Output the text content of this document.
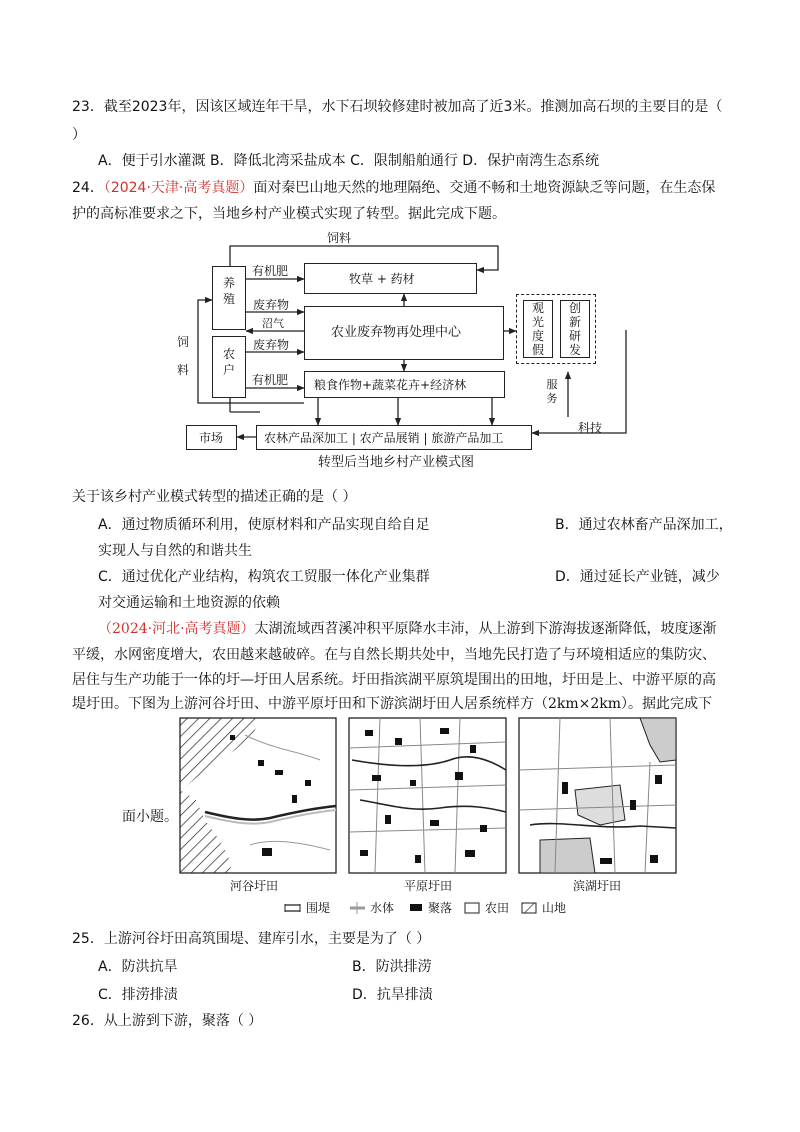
23．截至2023年，因该区域连年干旱，水下石坝较修建时被加高了近3米。推测加高石坝的主要目的是（
）
A．便于引水灌溉 B．降低北湾采盐成本 C．限制船舶通行 D．保护南湾生态系统
24．（2024·天津·高考真题）面对秦巴山地天然的地理隔绝、交通不畅和土地资源缺乏等问题，在生态保
护的高标准要求之下，当地乡村产业模式实现了转型。据此完成下题。
养殖
农户
牧草 + 药材
农业废弃物再处理中心
粮食作物+蔬菜花卉+经济林
观光度假
创新研发
农林产品深加工 | 农产品展销 | 旅游产品加工
市场
饲料
有机肥
废弃物
沼气
废弃物
有机肥
饲料
服务
科技
转型后当地乡村产业模式图
关于该乡村产业模式转型的描述正确的是（ ）
A．通过物质循环利用，使原材料和产品实现自给自足	B．通过农林畜产品深加工，
实现人与自然的和谐共生
C．通过优化产业结构，构筑农工贸服一体化产业集群	D．通过延长产业链，减少
对交通运输和土地资源的依赖
（2024·河北·高考真题）太湖流域西苕溪冲积平原降水丰沛，从上游到下游海拔逐渐降低，坡度逐渐
平缓，水网密度增大，农田越来越破碎。在与自然长期共处中，当地先民打造了与环境相适应的集防灾、
居住与生产功能于一体的圩—圩田人居系统。圩田指滨湖平原筑堤围出的田地，圩田是上、中游平原的高
堤圩田。下图为上游河谷圩田、中游平原圩田和下游滨湖圩田人居系统样方（2km×2km）。据此完成下
面小题。
河谷圩田	平原圩田	滨湖圩田
围堤	水体	聚落	农田	山地
25．上游河谷圩田高筑围堤、建库引水，主要是为了（ ）
A．防洪抗旱	B．防洪排涝
C．排涝排渍	D．抗旱排渍
26．从上游到下游，聚落（ ）
